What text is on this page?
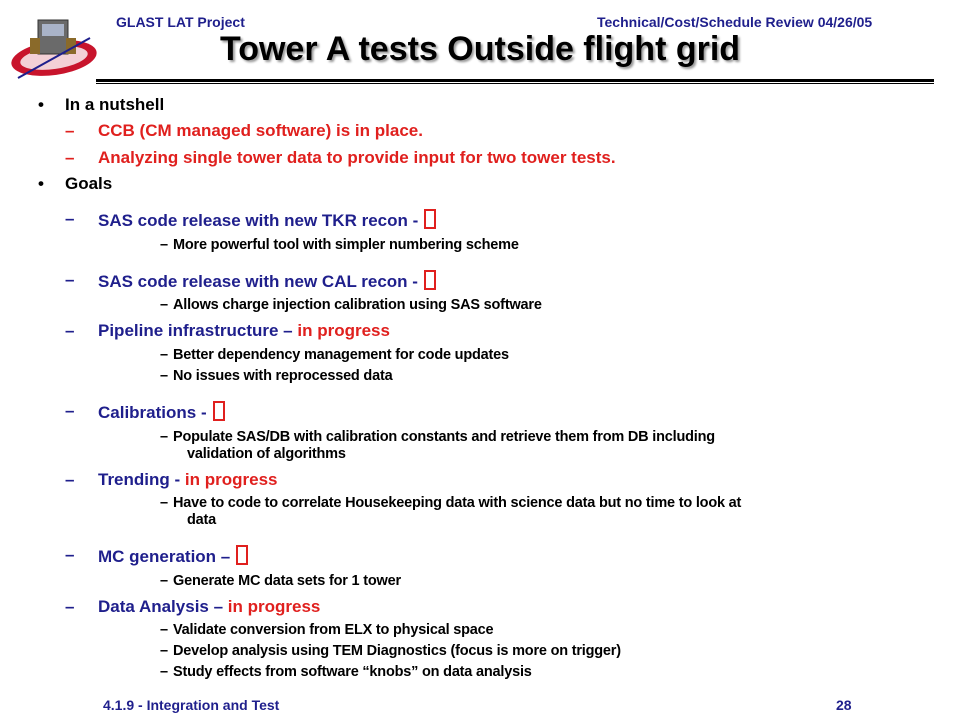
GLAST LAT Project	Technical/Cost/Schedule Review 04/26/05
Tower A tests Outside flight grid
• In a nutshell
– CCB (CM managed software) is in place.
– Analyzing single tower data to provide input for two tower tests.
• Goals
– SAS code release with new TKR recon -
– More powerful tool with simpler numbering scheme
– SAS code release with new CAL recon -
– Allows charge injection calibration using SAS software
– Pipeline infrastructure – in progress
– Better dependency management for code updates
– No issues with reprocessed data
– Calibrations -
– Populate SAS/DB with calibration constants and retrieve them from DB including
validation of algorithms
– Trending - in progress
– Have to code to correlate Housekeeping data with science data but no time to look at
data
– MC generation –
– Generate MC data sets for 1 tower
– Data Analysis – in progress
– Validate conversion from ELX to physical space
– Develop analysis using TEM Diagnostics (focus is more on trigger)
– Study effects from software “knobs” on data analysis
4.1.9 - Integration and Test	28
